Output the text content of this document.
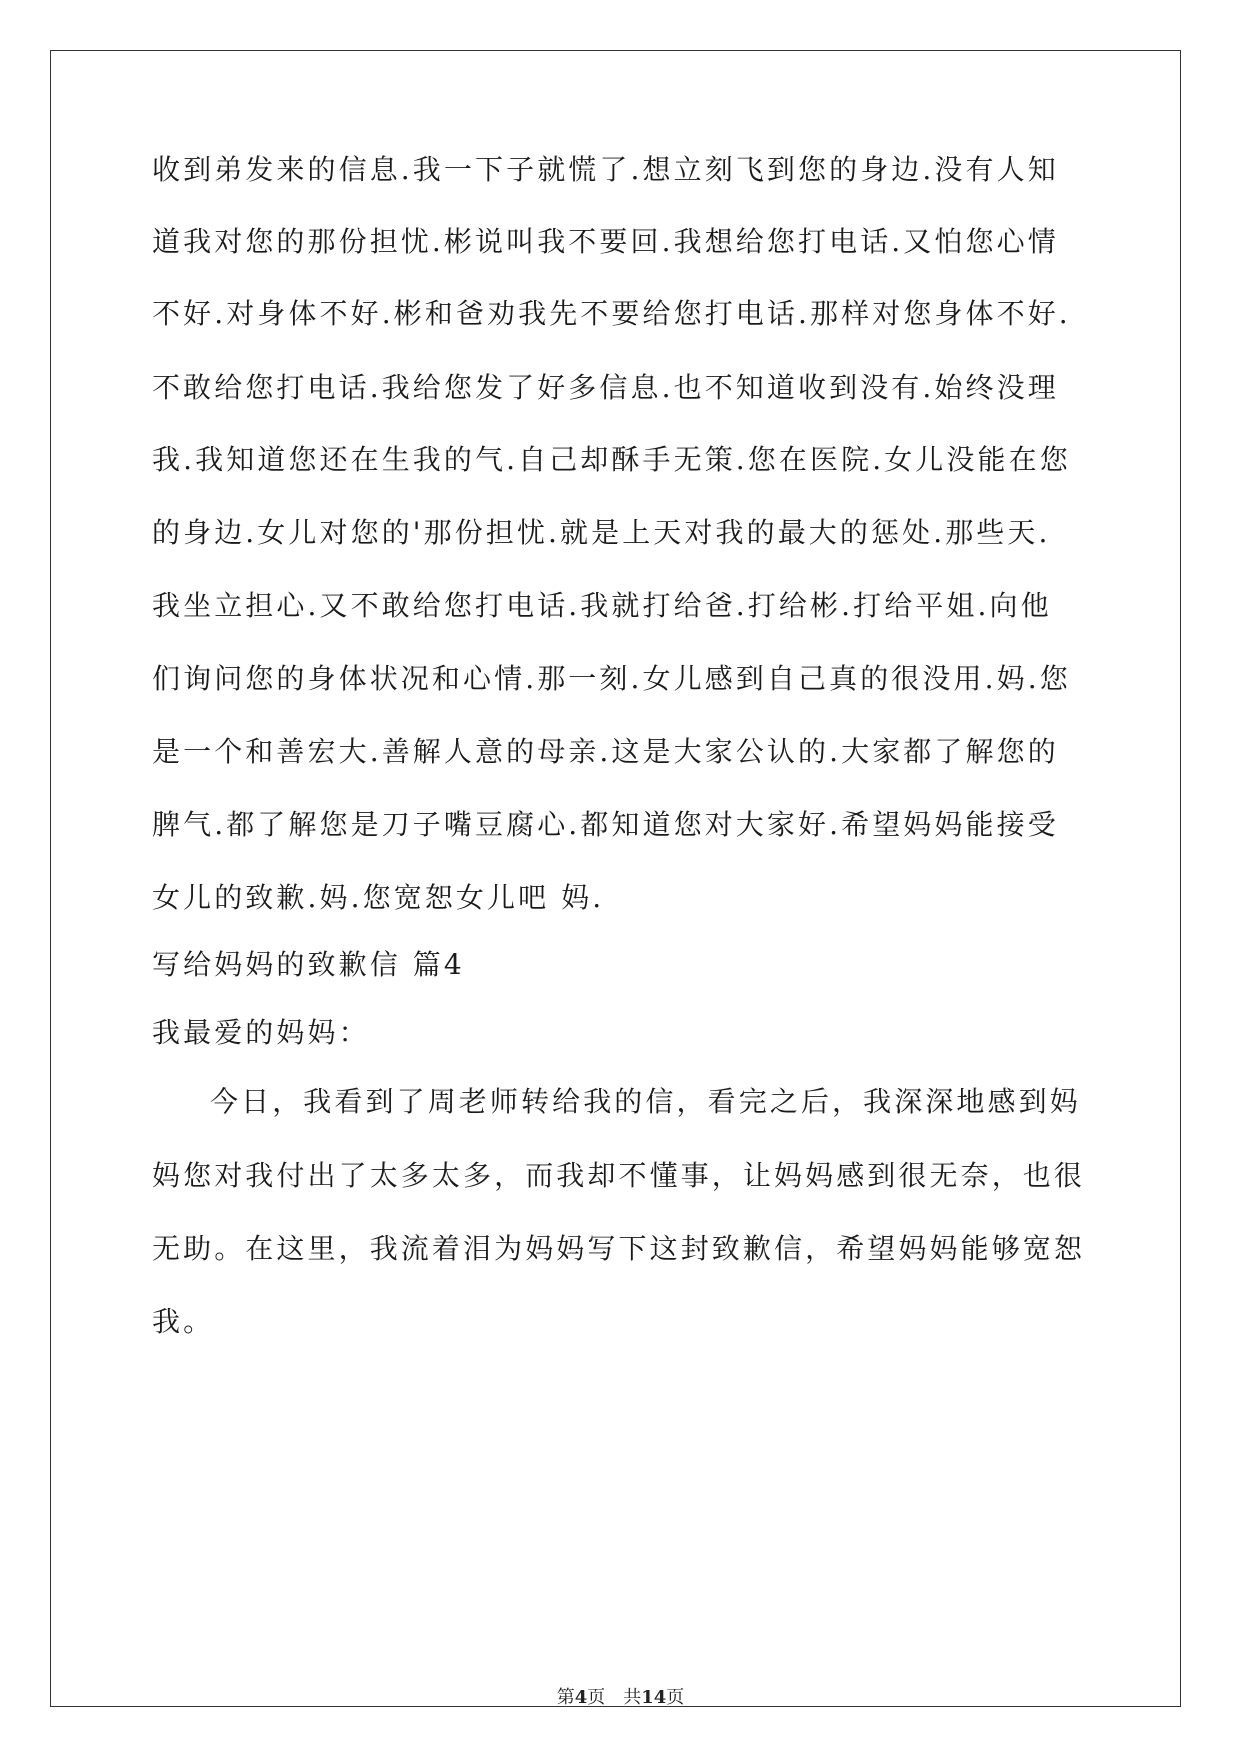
收到弟发来的信息.我一下子就慌了.想立刻飞到您的身边.没有人知
道我对您的那份担忧.彬说叫我不要回.我想给您打电话.又怕您心情
不好.对身体不好.彬和爸劝我先不要给您打电话.那样对您身体不好.
不敢给您打电话.我给您发了好多信息.也不知道收到没有.始终没理
我.我知道您还在生我的气.自己却酥手无策.您在医院.女儿没能在您
的身边.女儿对您的'那份担忧.就是上天对我的最大的惩处.那些天.
我坐立担心.又不敢给您打电话.我就打给爸.打给彬.打给平姐.向他
们询问您的身体状况和心情.那一刻.女儿感到自己真的很没用.妈.您
是一个和善宏大.善解人意的母亲.这是大家公认的.大家都了解您的
脾气.都了解您是刀子嘴豆腐心.都知道您对大家好.希望妈妈能接受
女儿的致歉.妈.您宽恕女儿吧 妈.
写给妈妈的致歉信 篇4
我最爱的妈妈：
今日，我看到了周老师转给我的信，看完之后，我深深地感到妈
妈您对我付出了太多太多，而我却不懂事，让妈妈感到很无奈，也很
无助。在这里，我流着泪为妈妈写下这封致歉信，希望妈妈能够宽恕
我。
第4页 共14页
